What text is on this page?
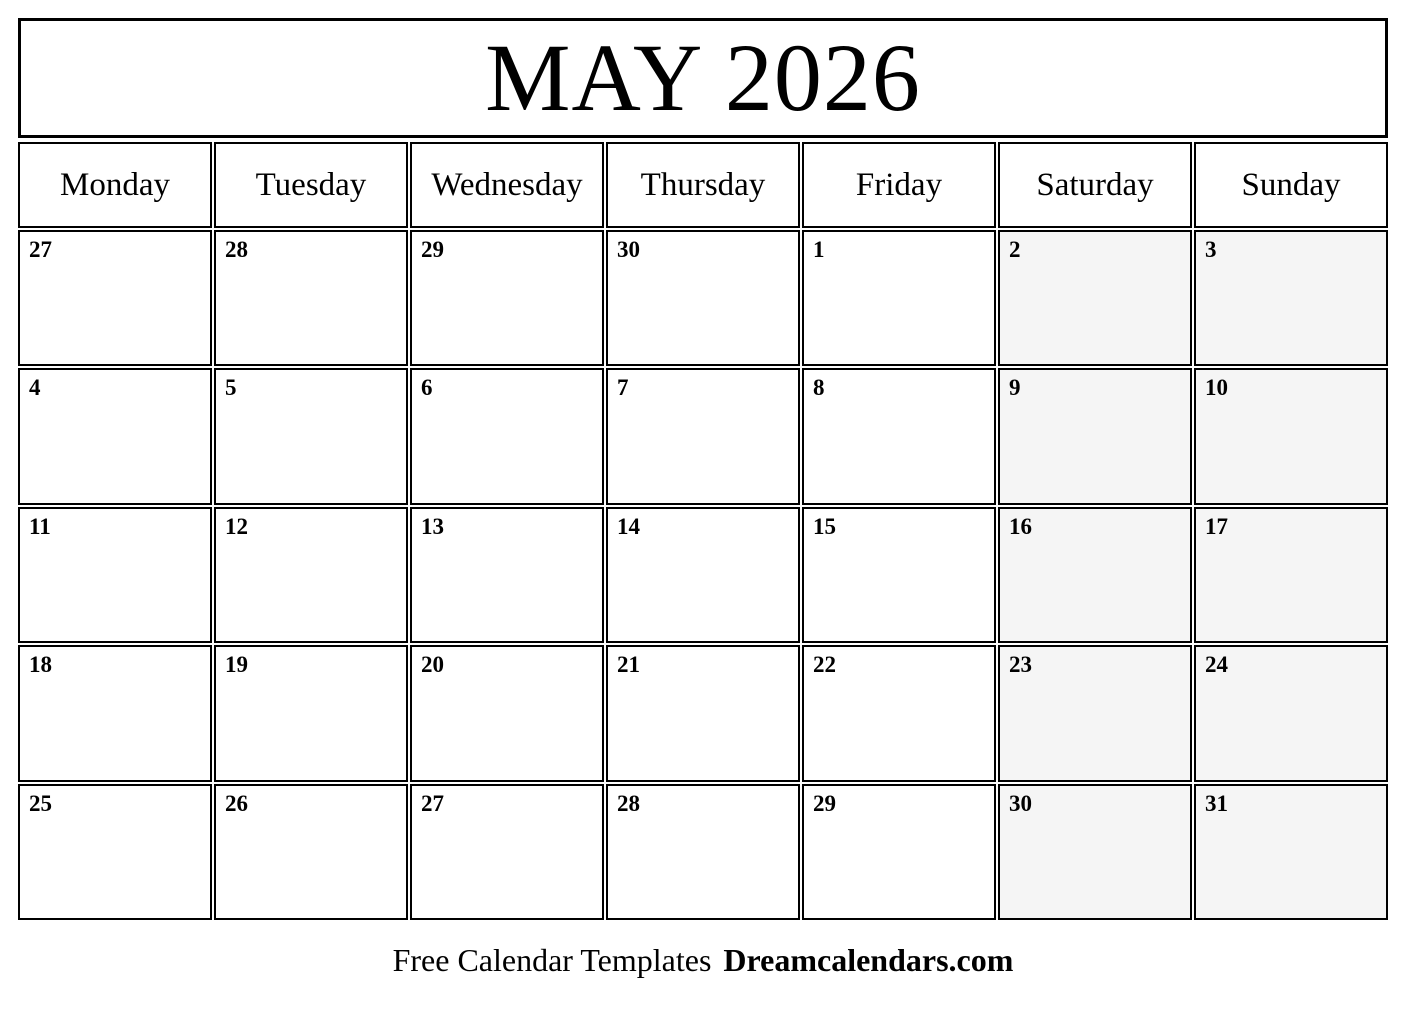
MAY 2026
Monday	Tuesday	Wednesday	Thursday	Friday	Saturday	Sunday
27	28	29	30	1	2	3
4	5	6	7	8	9	10
11	12	13	14	15	16	17
18	19	20	21	22	23	24
25	26	27	28	29	30	31
Free Calendar Templates Dreamcalendars.com
